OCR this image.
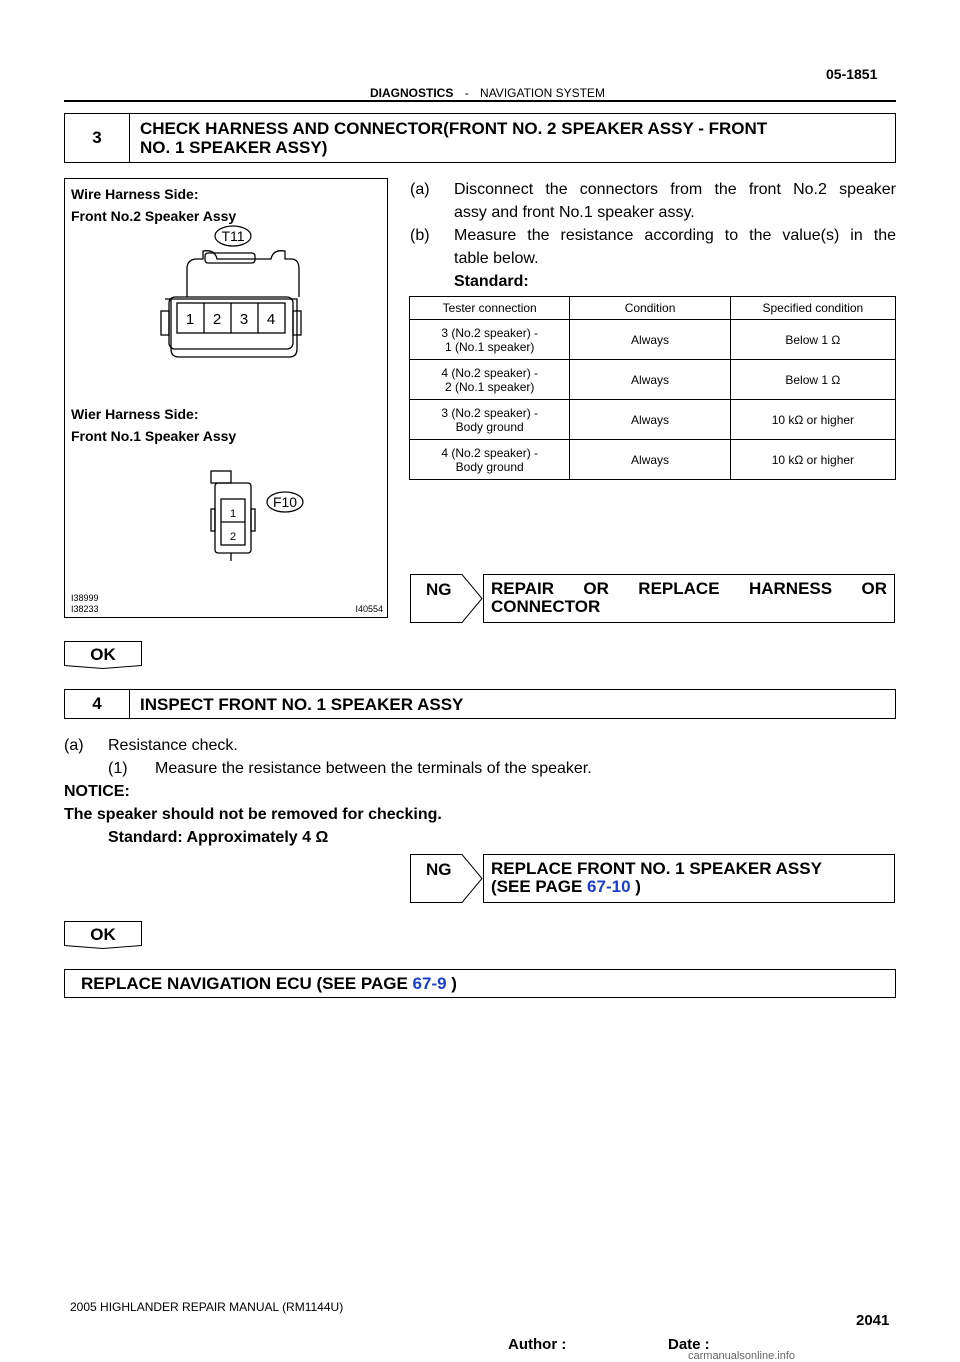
05-1851
DIAGNOSTICS - NAVIGATION SYSTEM
3	CHECK HARNESS AND CONNECTOR(FRONT NO. 2 SPEAKER ASSY - FRONT
NO. 1 SPEAKER ASSY)
Wire Harness Side:
Front No.2 Speaker Assy
T11
1 2 3 4
F10
1
2
Wier Harness Side:
Front No.1 Speaker Assy
I38999
I38233	I40554
(a)	Disconnect the connectors from the front No.2 speaker
assy and front No.1 speaker assy.
(b)	Measure the resistance according to the value(s) in the
table below.
Standard:
Tester connection	Condition	Specified condition

3 (No.2 speaker) -
1 (No.1 speaker)	Always	Below 1 Ω

4 (No.2 speaker) -
2 (No.1 speaker)	Always	Below 1 Ω

3 (No.2 speaker) -
Body ground	Always	10 kΩ or higher

4 (No.2 speaker) -
Body ground	Always	10 kΩ or higher
NG REPAIR OR REPLACE HARNESS OR
CONNECTOR
OK
4	INSPECT FRONT NO. 1 SPEAKER ASSY
(a)	Resistance check.
(1)	Measure the resistance between the terminals of the speaker.
NOTICE:
The speaker should not be removed for checking.
Standard: Approximately 4 Ω
NG REPLACE FRONT NO. 1 SPEAKER ASSY
(SEE PAGE 67-10 )
OK
REPLACE NAVIGATION ECU (SEE PAGE 67-9 )
2005 HIGHLANDER REPAIR MANUAL (RM1144U)
Author :	Date :
2041
carmanualsonline.info
